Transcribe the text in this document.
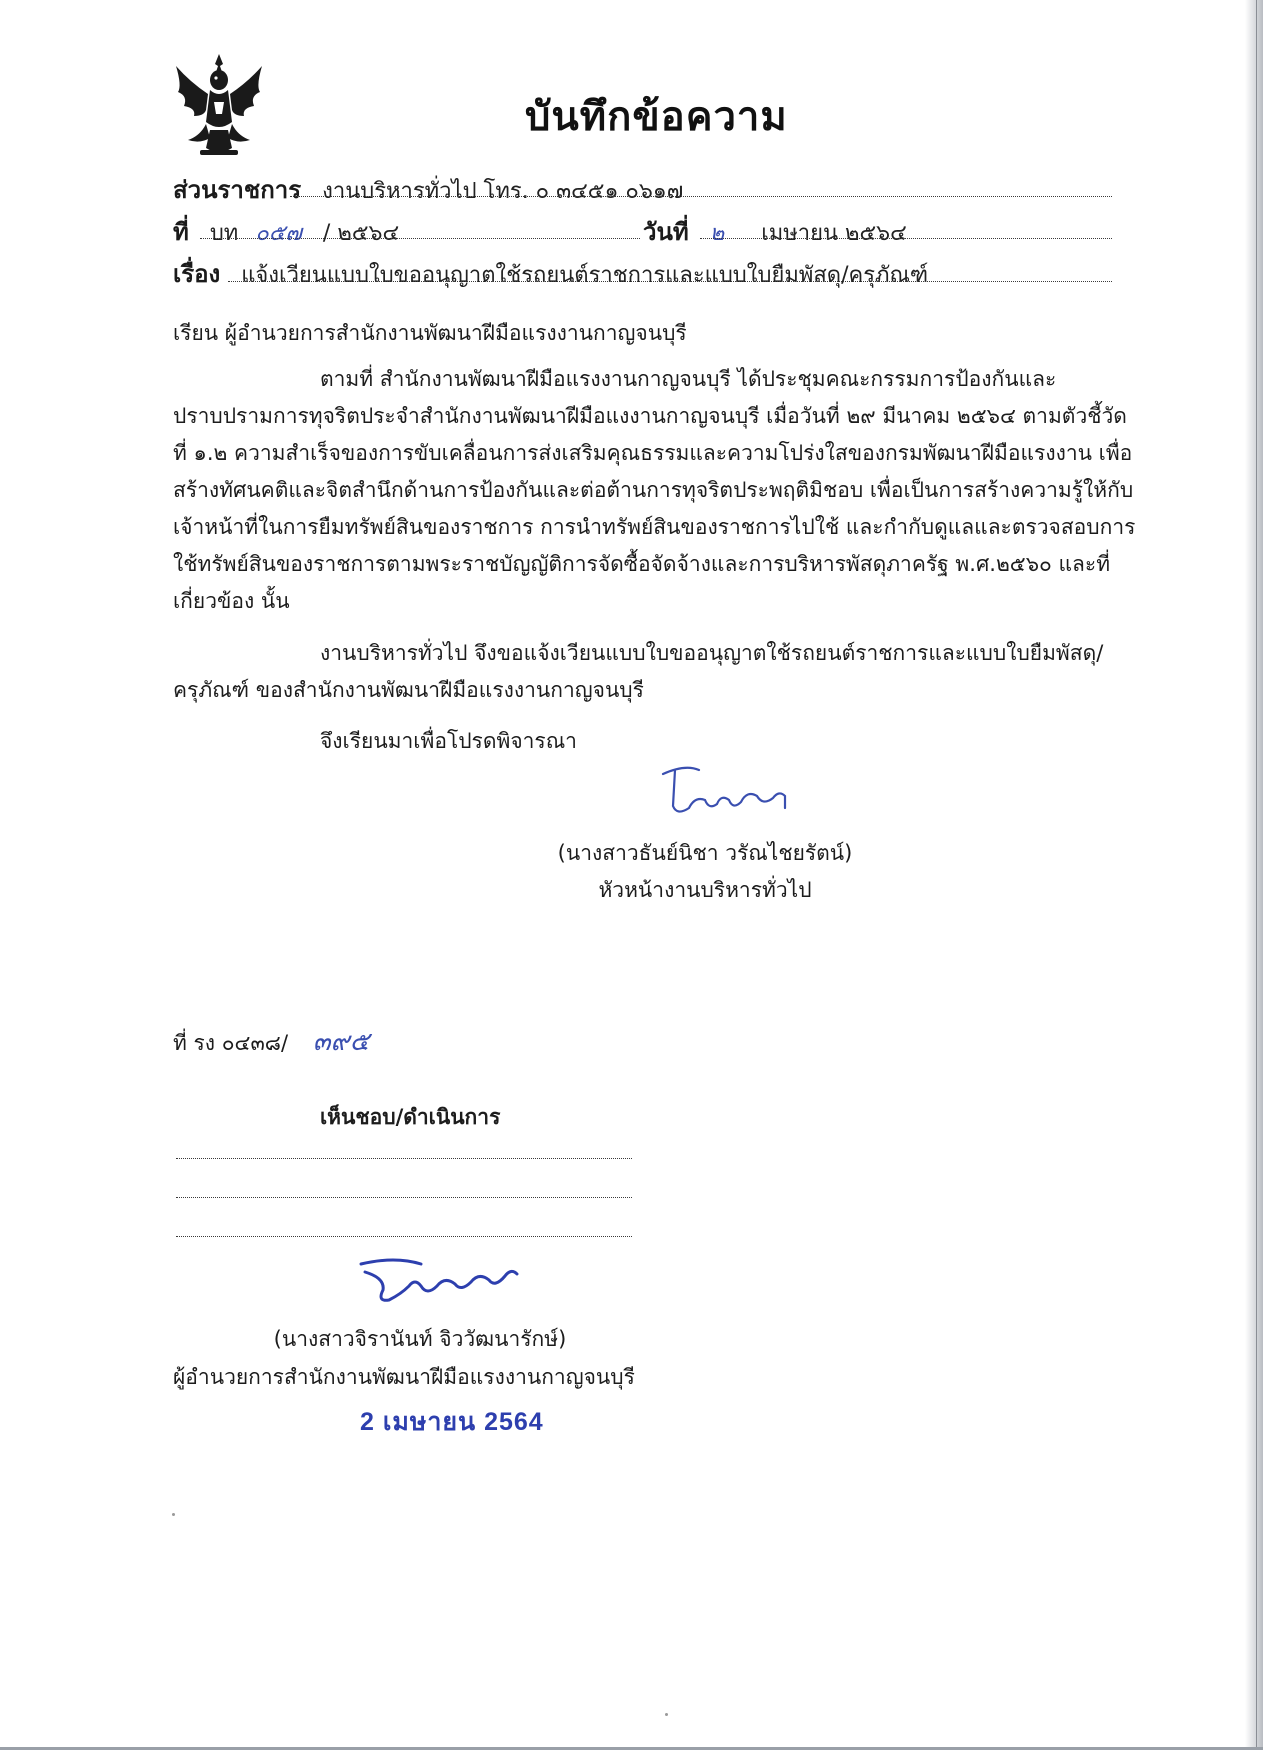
บันทึกข้อความ
ส่วนราชการ งานบริหารทั่วไป โทร. ๐ ๓๔๕๑ ๐๖๑๗
ที่ บท ๐๕๗ / ๒๕๖๔	วันที่ ๒ เมษายน ๒๕๖๔
เรื่อง แจ้งเวียนแบบใบขออนุญาตใช้รถยนต์ราชการและแบบใบยืมพัสดุ/ครุภัณฑ์
เรียน ผู้อำนวยการสำนักงานพัฒนาฝีมือแรงงานกาญจนบุรี
ตามที่ สำนักงานพัฒนาฝีมือแรงงานกาญจนบุรี ได้ประชุมคณะกรรมการป้องกันและ
ปราบปรามการทุจริตประจำสำนักงานพัฒนาฝีมือแงงานกาญจนบุรี เมื่อวันที่ ๒๙ มีนาคม ๒๕๖๔ ตามตัวชี้วัด
ที่ ๑.๒ ความสำเร็จของการขับเคลื่อนการส่งเสริมคุณธรรมและความโปร่งใสของกรมพัฒนาฝีมือแรงงาน เพื่อ
สร้างทัศนคติและจิตสำนึกด้านการป้องกันและต่อต้านการทุจริตประพฤติมิชอบ เพื่อเป็นการสร้างความรู้ให้กับ
เจ้าหน้าที่ในการยืมทรัพย์สินของราชการ การนำทรัพย์สินของราชการไปใช้ และกำกับดูแลและตรวจสอบการ
ใช้ทรัพย์สินของราชการตามพระราชบัญญัติการจัดซื้อจัดจ้างและการบริหารพัสดุภาครัฐ พ.ศ.๒๕๖๐ และที่
เกี่ยวข้อง นั้น
งานบริหารทั่วไป จึงขอแจ้งเวียนแบบใบขออนุญาตใช้รถยนต์ราชการและแบบใบยืมพัสดุ/
ครุภัณฑ์ ของสำนักงานพัฒนาฝีมือแรงงานกาญจนบุรี
จึงเรียนมาเพื่อโปรดพิจารณา
(นางสาวธันย์นิชา วรัณไชยรัตน์)
หัวหน้างานบริหารทั่วไป
ที่ รง ๐๔๓๘/ ๓๙๕
เห็นชอบ/ดำเนินการ
(นางสาวจิรานันท์ จิววัฒนารักษ์)
ผู้อำนวยการสำนักงานพัฒนาฝีมือแรงงานกาญจนบุรี
2 เมษายน 2564
